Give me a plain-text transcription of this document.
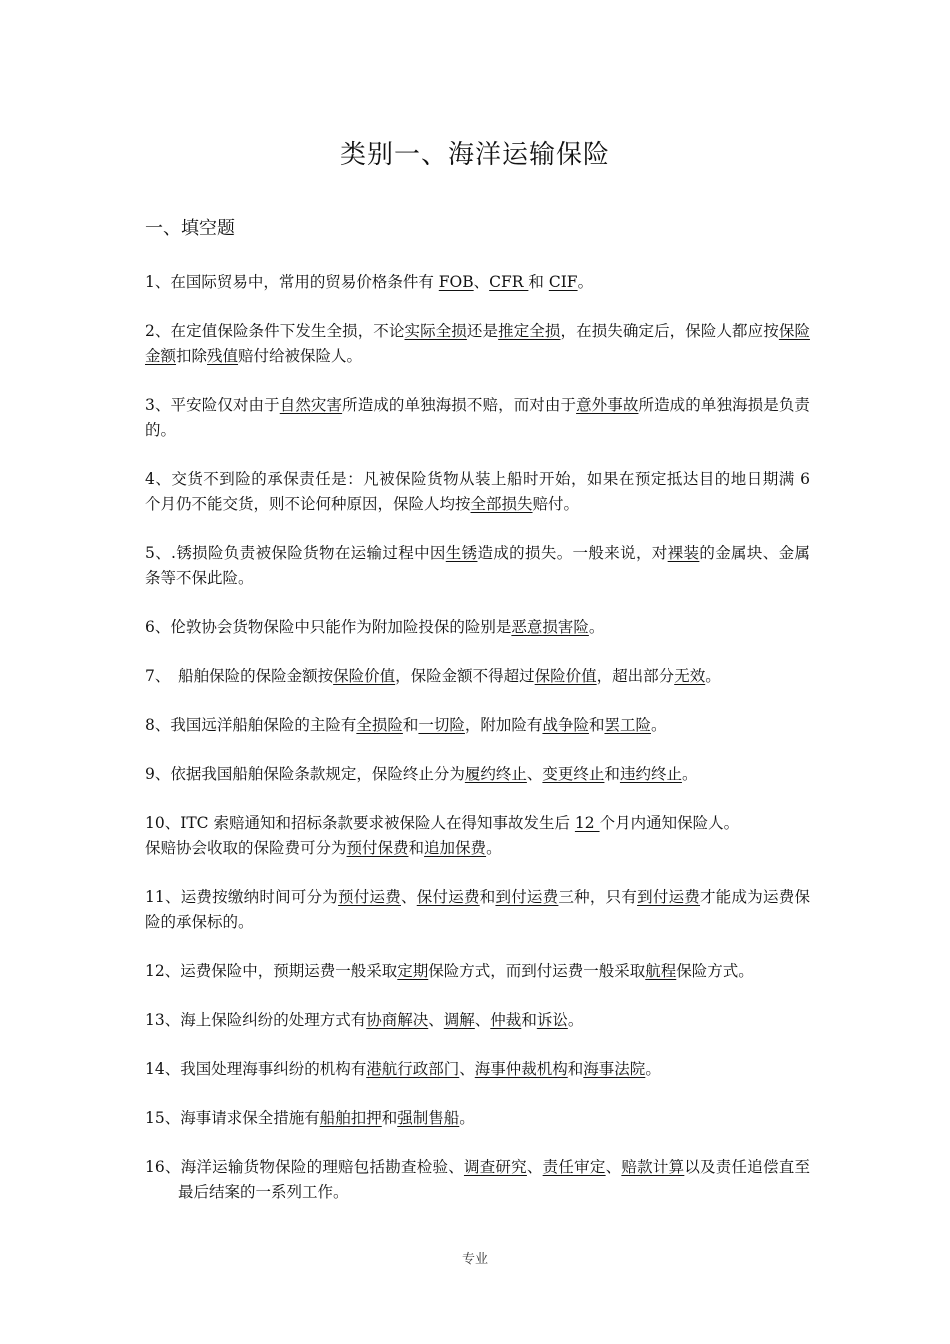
类别一、海洋运输保险
一、填空题

1、在国际贸易中，常用的贸易价格条件有 FOB、CFR 和 CIF。

2、在定值保险条件下发生全损，不论实际全损还是推定全损，在损失确定后，保险人都应按保险金额扣除残值赔付给被保险人。

3、平安险仅对由于自然灾害所造成的单独海损不赔，而对由于意外事故所造成的单独海损是负责的。

4、交货不到险的承保责任是：凡被保险货物从装上船时开始，如果在预定抵达目的地日期满 6 个月仍不能交货，则不论何种原因，保险人均按全部损失赔付。

5、.锈损险负责被保险货物在运输过程中因生锈造成的损失。一般来说，对裸装的金属块、金属条等不保此险。

6、伦敦协会货物保险中只能作为附加险投保的险别是恶意损害险。

7、　船舶保险的保险金额按保险价值，保险金额不得超过保险价值，超出部分无效。

8、我国远洋船舶保险的主险有全损险和一切险，附加险有战争险和罢工险。

9、依据我国船舶保险条款规定，保险终止分为履约终止、变更终止和违约终止。

10、ITC 索赔通知和招标条款要求被保险人在得知事故发生后 12 个月内通知保险人。

保赔协会收取的保险费可分为预付保费和追加保费。

11、运费按缴纳时间可分为预付运费、保付运费和到付运费三种，只有到付运费才能成为运费保险的承保标的。

12、运费保险中，预期运费一般采取定期保险方式，而到付运费一般采取航程保险方式。

13、海上保险纠纷的处理方式有协商解决、调解、仲裁和诉讼。

14、我国处理海事纠纷的机构有港航行政部门、海事仲裁机构和海事法院。

15、海事请求保全措施有船舶扣押和强制售船。

16、海洋运输货物保险的理赔包括勘查检验、调查研究、责任审定、赔款计算以及责任追偿直至最后结案的一系列工作。

专业
